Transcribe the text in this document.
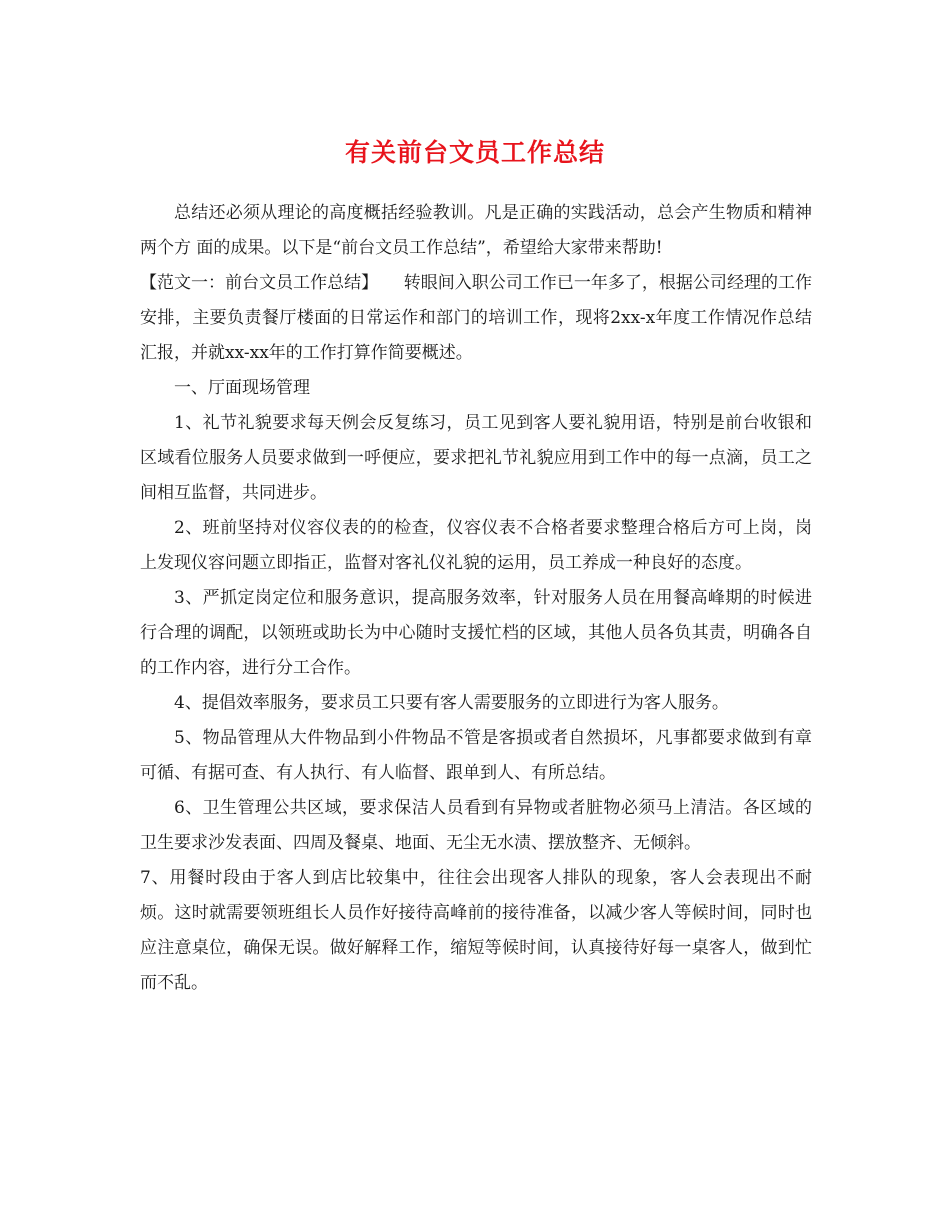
有关前台文员工作总结

总结还必须从理论的高度概括经验教训。凡是正确的实践活动，总会产生物质和精神两个方 面的成果。以下是“前台文员工作总结”，希望给大家带来帮助!

【范文一：前台文员工作总结】　　转眼间入职公司工作已一年多了，根据公司经理的工作安排，主要负责餐厅楼面的日常运作和部门的培训工作，现将2xx-x年度工作情况作总结汇报，并就xx-xx年的工作打算作简要概述。

一、厅面现场管理

1、礼节礼貌要求每天例会反复练习，员工见到客人要礼貌用语，特别是前台收银和区域看位服务人员要求做到一呼便应，要求把礼节礼貌应用到工作中的每一点滴，员工之间相互监督，共同进步。

2、班前坚持对仪容仪表的的检查，仪容仪表不合格者要求整理合格后方可上岗，岗上发现仪容问题立即指正，监督对客礼仪礼貌的运用，员工养成一种良好的态度。

3、严抓定岗定位和服务意识，提高服务效率，针对服务人员在用餐高峰期的时候进行合理的调配，以领班或助长为中心随时支援忙档的区域，其他人员各负其责，明确各自的工作内容，进行分工合作。

4、提倡效率服务，要求员工只要有客人需要服务的立即进行为客人服务。

5、物品管理从大件物品到小件物品不管是客损或者自然损坏，凡事都要求做到有章可循、有据可查、有人执行、有人临督、跟单到人、有所总结。

6、卫生管理公共区域，要求保洁人员看到有异物或者脏物必须马上清洁。各区域的卫生要求沙发表面、四周及餐桌、地面、无尘无水渍、摆放整齐、无倾斜。

7、用餐时段由于客人到店比较集中，往往会出现客人排队的现象，客人会表现出不耐烦。这时就需要领班组长人员作好接待高峰前的接待准备，以减少客人等候时间，同时也应注意桌位，确保无误。做好解释工作，缩短等候时间，认真接待好每一桌客人，做到忙而不乱。
